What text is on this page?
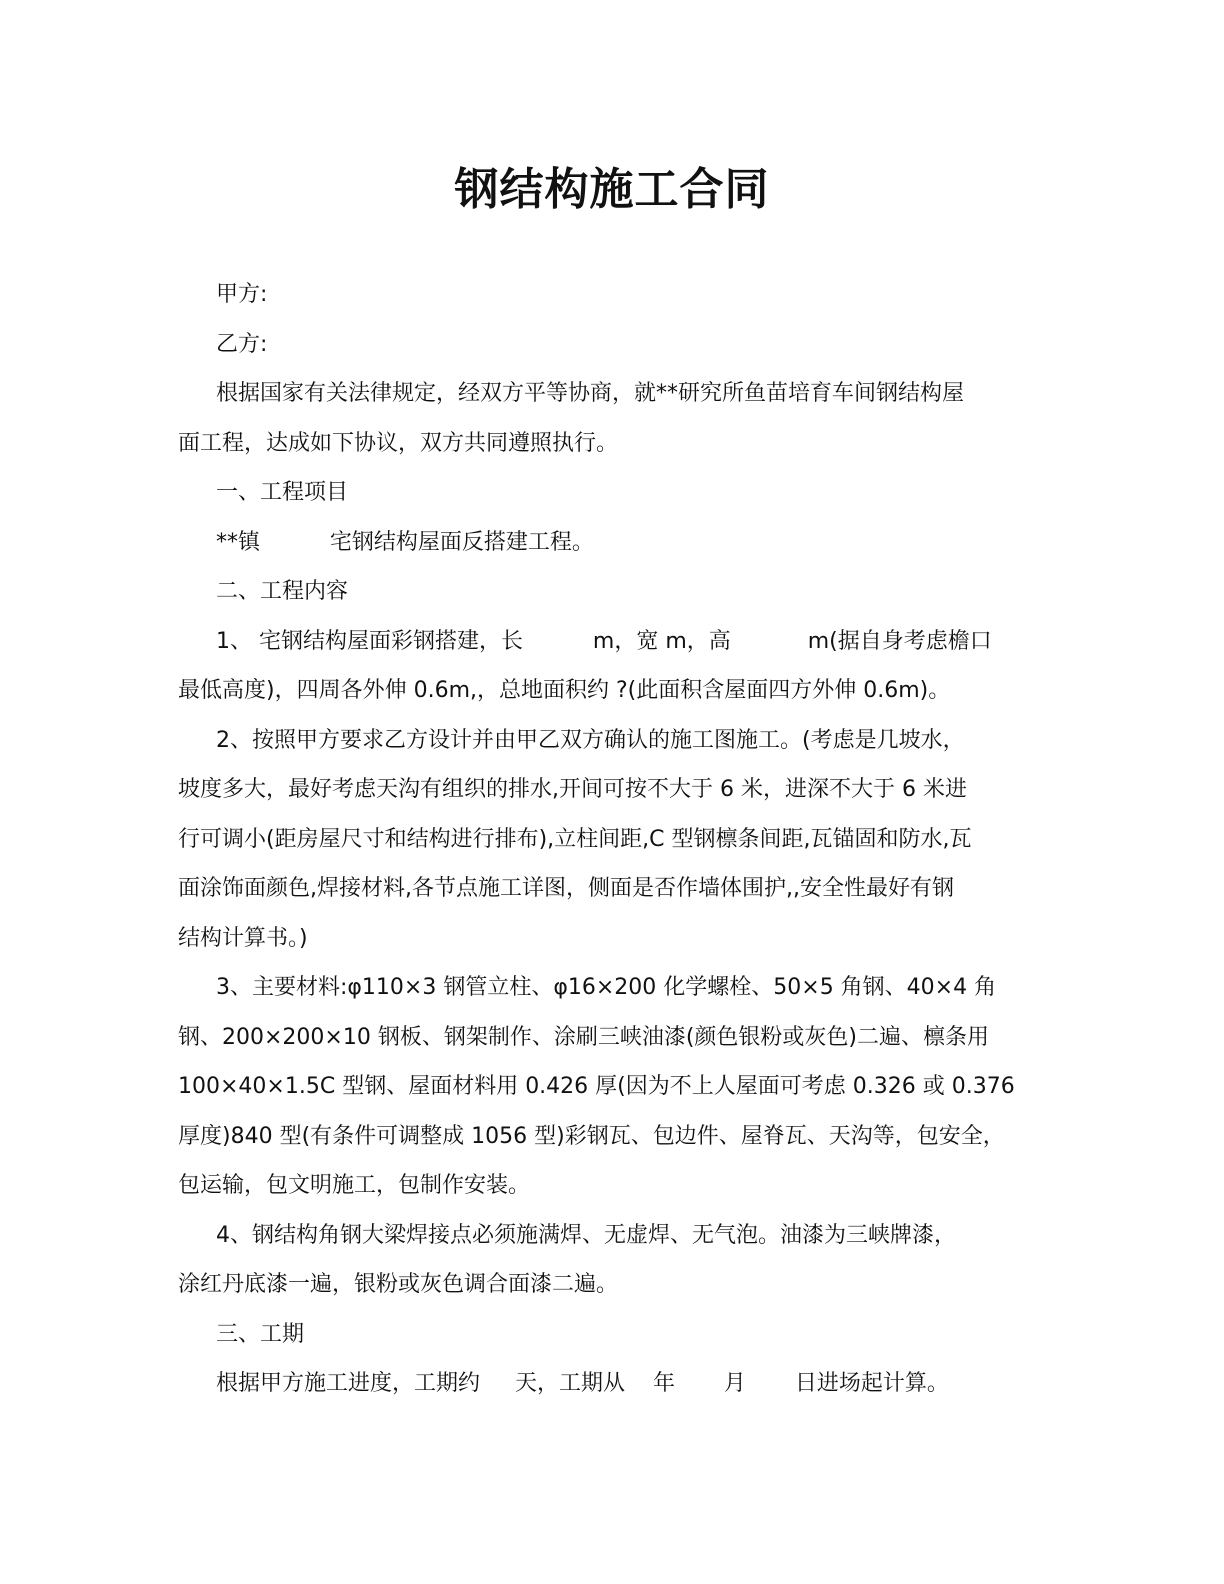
钢结构施工合同
甲方:
乙方:
根据国家有关法律规定，经双方平等协商，就**研究所鱼苗培育车间钢结构屋
面工程，达成如下协议，双方共同遵照执行。
一、工程项目
**镇          宅钢结构屋面反搭建工程。
二、工程内容
1、 宅钢结构屋面彩钢搭建，长          m，宽 m，高           m(据自身考虑檐口
最低高度)，四周各外伸 0.6m,，总地面积约 ?(此面积含屋面四方外伸 0.6m)。
2、按照甲方要求乙方设计并由甲乙双方确认的施工图施工。(考虑是几坡水，
坡度多大，最好考虑天沟有组织的排水,开间可按不大于 6 米，进深不大于 6 米进
行可调小(距房屋尺寸和结构进行排布),立柱间距,C 型钢檩条间距,瓦锚固和防水,瓦
面涂饰面颜色,焊接材料,各节点施工详图，侧面是否作墙体围护,,安全性最好有钢
结构计算书。)
3、主要材料:φ110×3 钢管立柱、φ16×200 化学螺栓、50×5 角钢、40×4 角
钢、200×200×10 钢板、钢架制作、涂刷三峡油漆(颜色银粉或灰色)二遍、檩条用
100×40×1.5C 型钢、屋面材料用 0.426 厚(因为不上人屋面可考虑 0.326 或 0.376
厚度)840 型(有条件可调整成 1056 型)彩钢瓦、包边件、屋脊瓦、天沟等，包安全，
包运输，包文明施工，包制作安装。
4、钢结构角钢大梁焊接点必须施满焊、无虚焊、无气泡。油漆为三峡牌漆，
涂红丹底漆一遍，银粉或灰色调合面漆二遍。
三、工期
根据甲方施工进度，工期约     天，工期从    年       月       日进场起计算。
